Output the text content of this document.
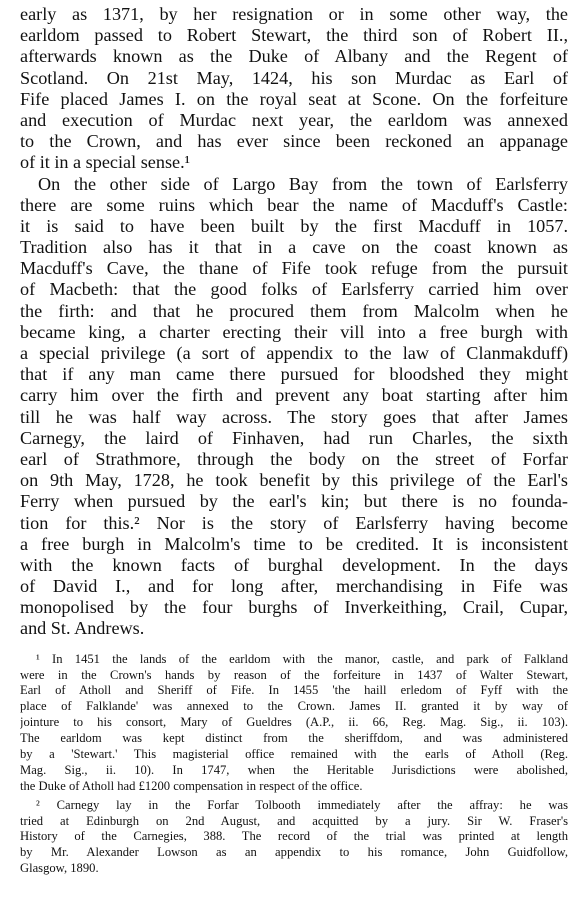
early as 1371, by her resignation or in some other way, the
earldom passed to Robert Stewart, the third son of Robert II.,
afterwards known as the Duke of Albany and the Regent of
Scotland. On 21st May, 1424, his son Murdac as Earl of
Fife placed James I. on the royal seat at Scone. On the forfeiture
and execution of Murdac next year, the earldom was annexed
to the Crown, and has ever since been reckoned an appanage
of it in a special sense.¹
On the other side of Largo Bay from the town of Earlsferry
there are some ruins which bear the name of Macduff's Castle:
it is said to have been built by the first Macduff in 1057.
Tradition also has it that in a cave on the coast known as
Macduff's Cave, the thane of Fife took refuge from the pursuit
of Macbeth: that the good folks of Earlsferry carried him over
the firth: and that he procured them from Malcolm when he
became king, a charter erecting their vill into a free burgh with
a special privilege (a sort of appendix to the law of Clanmakduff)
that if any man came there pursued for bloodshed they might
carry him over the firth and prevent any boat starting after him
till he was half way across. The story goes that after James
Carnegy, the laird of Finhaven, had run Charles, the sixth
earl of Strathmore, through the body on the street of Forfar
on 9th May, 1728, he took benefit by this privilege of the Earl's
Ferry when pursued by the earl's kin; but there is no founda-
tion for this.² Nor is the story of Earlsferry having become
a free burgh in Malcolm's time to be credited. It is inconsistent
with the known facts of burghal development. In the days
of David I., and for long after, merchandising in Fife was
monopolised by the four burghs of Inverkeithing, Crail, Cupar,
and St. Andrews.
¹ In 1451 the lands of the earldom with the manor, castle, and park of Falkland
were in the Crown's hands by reason of the forfeiture in 1437 of Walter Stewart,
Earl of Atholl and Sheriff of Fife. In 1455 'the haill erledom of Fyff with the
place of Falklande' was annexed to the Crown. James II. granted it by way of
jointure to his consort, Mary of Gueldres (A.P., ii. 66, Reg. Mag. Sig., ii. 103).
The earldom was kept distinct from the sheriffdom, and was administered
by a 'Stewart.' This magisterial office remained with the earls of Atholl (Reg.
Mag. Sig., ii. 10). In 1747, when the Heritable Jurisdictions were abolished,
the Duke of Atholl had £1200 compensation in respect of the office.
² Carnegy lay in the Forfar Tolbooth immediately after the affray: he was
tried at Edinburgh on 2nd August, and acquitted by a jury. Sir W. Fraser's
History of the Carnegies, 388. The record of the trial was printed at length
by Mr. Alexander Lowson as an appendix to his romance, John Guidfollow,
Glasgow, 1890.
